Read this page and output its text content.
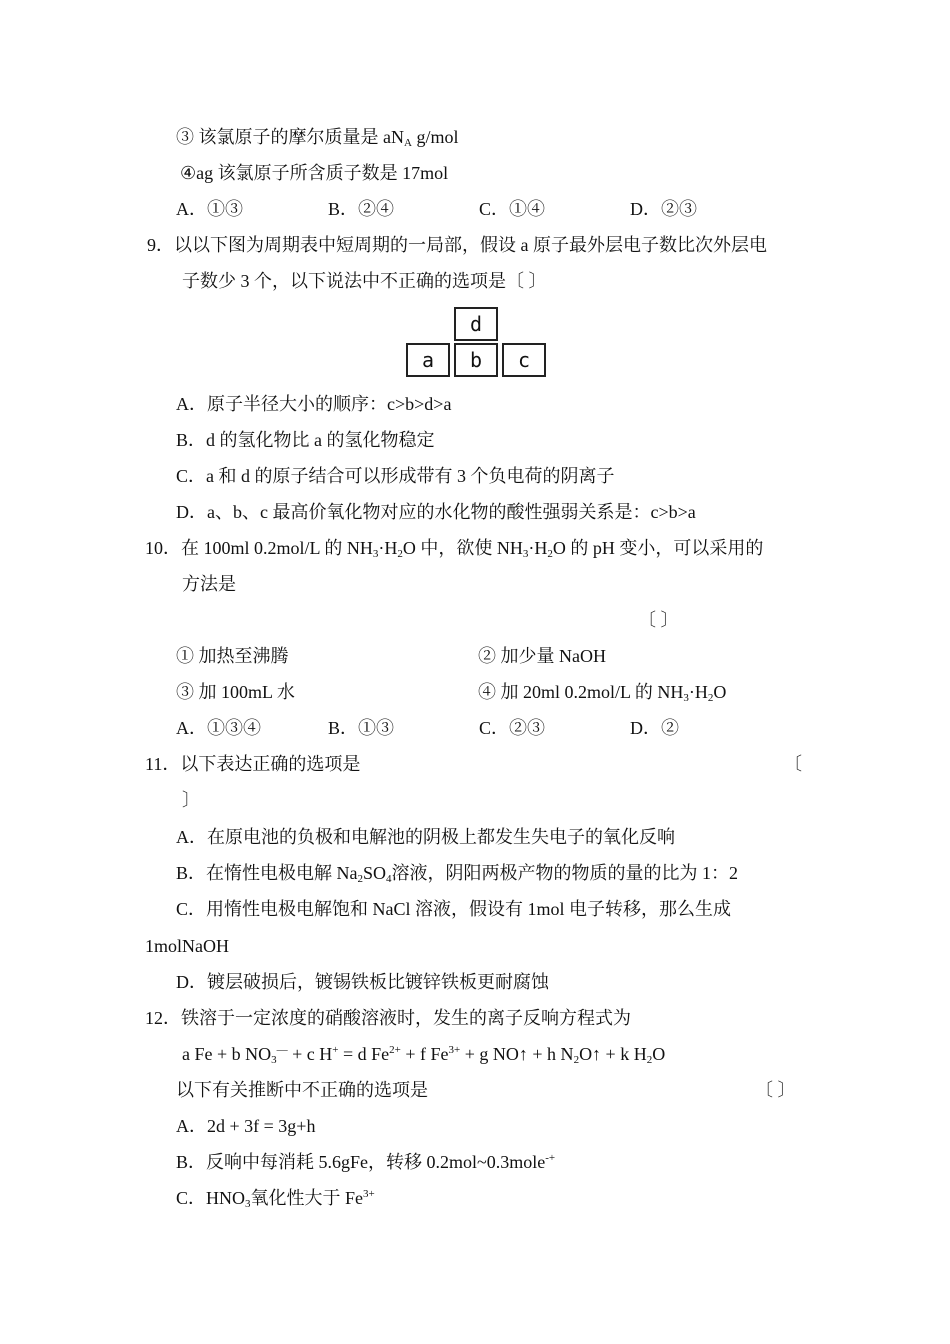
③ 该氯原子的摩尔质量是 $aN_A$ g/mol
④ag 该氯原子所含质子数是 17mol
A．①③	B．②④	C．①④	D．②③
9．以以下图为周期表中短周期的一局部，假设 a 原子最外层电子数比次外层电
子数少 3 个，以下说法中不正确的选项是〔 〕
d
a	b	c
A．原子半径大小的顺序：c>b>d>a
B．d 的氢化物比 a 的氢化物稳定
C．a 和 d 的原子结合可以形成带有 3 个负电荷的阴离子
D．a、b、c 最高价氧化物对应的水化物的酸性强弱关系是：c>b>a
10．在 100ml 0.2mol/L 的 $NH_3\cdot H_2O$ 中，欲使 $NH_3\cdot H_2O$ 的 pH 变小，可以采用的
方法是
〔 〕
① 加热至沸腾	② 加少量 NaOH
③ 加 100mL 水	④ 加 20ml 0.2mol/L 的 $NH_3\cdot H_2O$
A．①③④	B．①③	C．②③	D．②
11．以下表达正确的选项是	〔
〕
A．在原电池的负极和电解池的阴极上都发生失电子的氧化反响
B．在惰性电极电解 $Na_2SO_4$溶液，阴阳两极产物的物质的量的比为 1：2
C．用惰性电极电解饱和 NaCl 溶液，假设有 1mol 电子转移，那么生成
1molNaOH
D．镀层破损后，镀锡铁板比镀锌铁板更耐腐蚀
12．铁溶于一定浓度的硝酸溶液时，发生的离子反响方程式为
a Fe + b $NO_3^— + c$ H+ = d $Fe^{2+} + f$ $Fe^{3+} + g$ NO↑ + h $N_2O↑ + k$ $H_2O$
以下有关推断中不正确的选项是	〔 〕
A．2d + 3f = 3g+h
B．反响中每消耗 5.6gFe，转移 0.2mol~0.3mole-+
C．$HNO_3$氧化性大于 $Fe^{3+}$
